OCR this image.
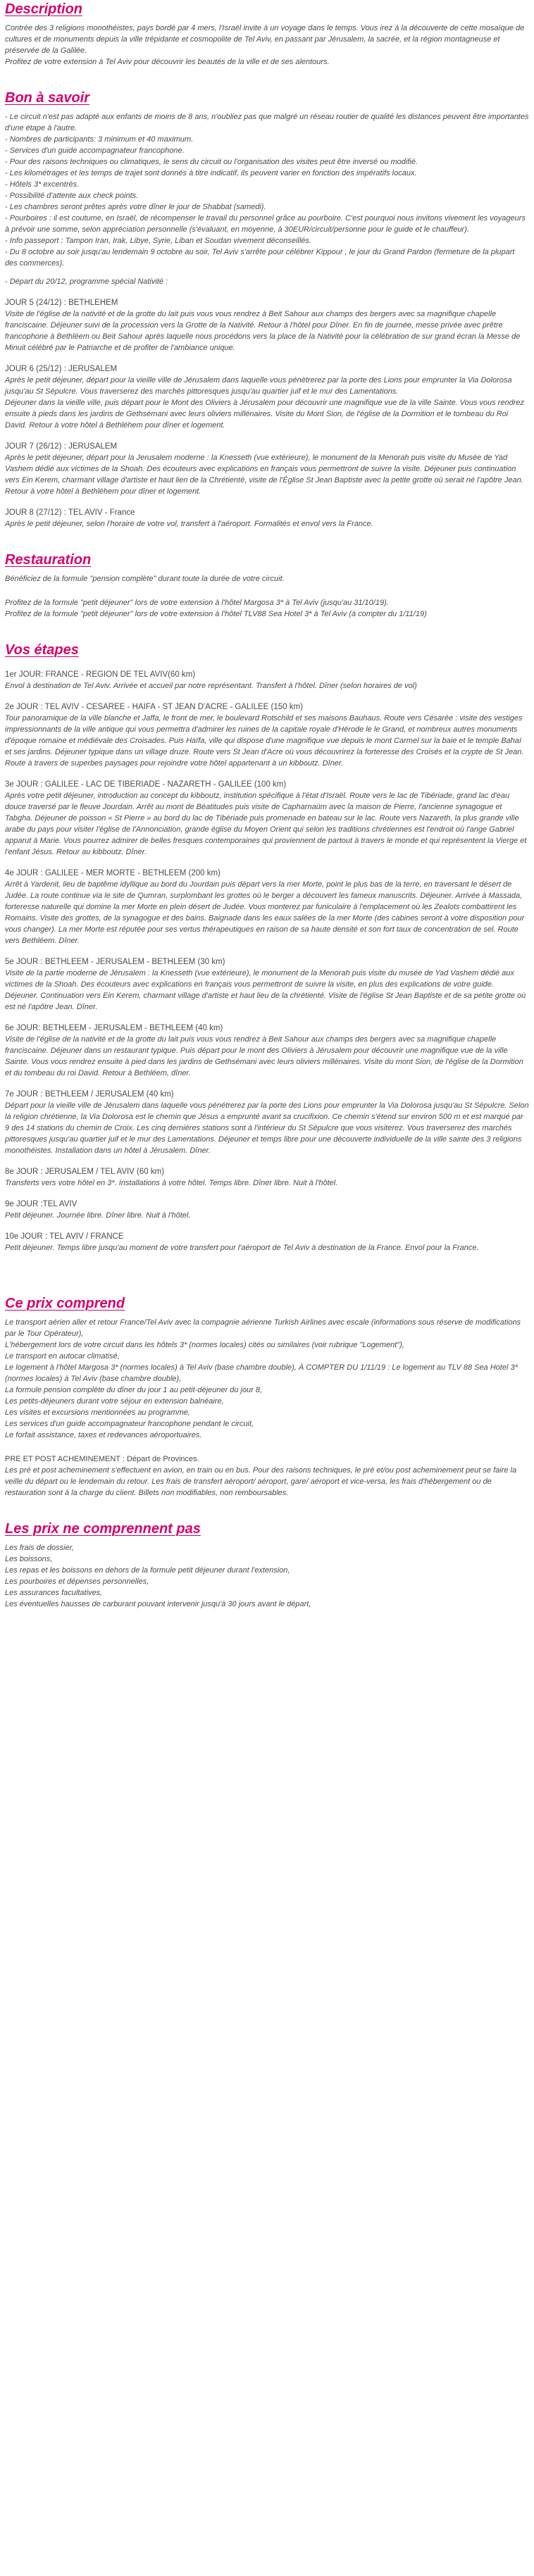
Description

Contrée des 3 religions monothéistes, pays bordé par 4 mers, l'Israël invite à un voyage dans le temps. Vous irez à la découverte de cette mosaïque de cultures et de monuments depuis la ville trépidante et cosmopolite de Tel Aviv, en passant par Jérusalem, la sacrée, et la région montagneuse et préservée de la Galilée.

Profitez de votre extension à Tel Aviv pour découvrir les beautés de la ville et de ses alentours.

Bon à savoir

- Le circuit n'est pas adapté aux enfants de moins de 8 ans, n'oubliez pas que malgré un réseau routier de qualité les distances peuvent être importantes d'une étape à l'autre.

- Nombres de participants: 3 minimum et 40 maximum.

- Services d'un guide accompagnateur francophone.

- Pour des raisons techniques ou climatiques, le sens du circuit ou l'organisation des visites peut être inversé ou modifié.

- Les kilométrages et les temps de trajet sont donnés à titre indicatif, ils peuvent varier en fonction des impératifs locaux.

- Hôtels 3* excentrés.

- Possibilité d'attente aux check points.

- Les chambres seront prêtes après votre dîner le jour de Shabbat (samedi).

- Pourboires : il est coutume, en Israël, de récompenser le travail du personnel grâce au pourboire. C'est pourquoi nous invitons vivement les voyageurs à prévoir une somme, selon appréciation personnelle (s'évaluant, en moyenne, à 30EUR/circuit/personne pour le guide et le chauffeur).

- Info passeport : Tampon Iran, Irak, Libye, Syrie, Liban et Soudan vivement déconseillés.

- Du 8 octobre au soir jusqu'au lendemain 9 octobre au soir, Tel Aviv s'arrête pour célébrer Kippour , le jour du Grand Pardon (fermeture de la plupart des commerces).

- Départ du 20/12, programme spécial Nativité :

JOUR 5 (24/12) : BETHLEHEM

Visite de l'église de la nativité et de la grotte du lait puis vous vous rendrez à Beit Sahour aux champs des bergers avec sa magnifique chapelle franciscaine. Déjeuner suivi de la procession vers la Grotte de la Nativité. Retour à l'hôtel pour Dîner. En fin de journée, messe privée avec prêtre francophone à Bethléem ou Beit Sahour après laquelle nous procédons vers la place de la Nativité pour la célébration de sur grand écran la Messe de Minuit célébré par le Patriarche et de profiter de l'ambiance unique.

JOUR 6 (25/12) : JERUSALEM

Après le petit déjeuner, départ pour la vieille ville de Jérusalem dans laquelle vous pénètrerez par la porte des Lions pour emprunter la Via Dolorosa jusqu'au St Sépulcre. Vous traverserez des marchés pittoresques jusqu'au quartier juif et le mur des Lamentations.
Déjeuner dans la vieille ville, puis départ pour le Mont des Oliviers à Jérusalem pour découvrir une magnifique vue de la ville Sainte. Vous vous rendrez ensuite à pieds dans les jardins de Gethsémani avec leurs oliviers millénaires. Visite du Mont Sion, de l'église de la Dormition et le tombeau du Roi David. Retour à votre hôtel à Bethléhem pour dîner et logement.

JOUR 7 (26/12) : JERUSALEM

Après le petit déjeuner, départ pour la Jerusalem moderne : la Knesseth (vue extérieure), le monument de la Menorah puis visite du Musée de Yad Vashem dédié aux victimes de la Shoah. Des écouteurs avec explications en français vous permettront de suivre la visite. Déjeuner puis continuation vers Ein Kerem, charmant village d'artiste et haut lien de la Chrétienté, visite de l'Église St Jean Baptiste avec la petite grotte où serait né l'apôtre Jean.
Retour à votre hôtel à Bethléhem pour dîner et logement.

JOUR 8 (27/12) : TEL AVIV - France

Après le petit déjeuner, selon l'horaire de votre vol, transfert à l'aéroport. Formalités et envol vers la France.

Restauration

Bénéficiez de la formule "pension complète" durant toute la durée de votre circuit.

Profitez de la formule "petit déjeuner" lors de votre extension à l'hôtel Margosa 3* à Tel Aviv (jusqu'au 31/10/19).

Profitez de la formule "petit déjeuner" lors de votre extension à l'hôtel TLV88 Sea Hotel 3* à Tel Aviv (à compter du 1/11/19)

Vos étapes

1er JOUR: FRANCE - REGION DE TEL AVIV(60 km)

Envol à destination de Tel Aviv. Arrivée et accueil par notre représentant. Transfert à l'hôtel. Dîner (selon horaires de vol)

2e JOUR : TEL AVIV - CESAREE - HAIFA - ST JEAN D'ACRE - GALILEE (150 km)

Tour panoramique de la ville blanche et Jaffa, le front de mer, le boulevard Rotschild et ses maisons Bauhaus. Route vers Césarée : visite des vestiges impressionnants de la ville antique qui vous permettra d'admirer les ruines de la capitale royale d'Hérode le le Grand, et nombreux autres monuments d'époque romaine et médiévale des Croisades. Puis Haïfa, ville qui dispose d'une magnifique vue depuis le mont Carmel sur la baie et le temple Bahaï et ses jardins. Déjeuner typique dans un village druze. Route vers St Jean d'Acre où vous découvrirez la forteresse des Croisés et la crypte de St Jean. Route à travers de superbes paysages pour rejoindre votre hôtel appartenant à un kibboutz. Dîner.

3e JOUR : GALILEE - LAC DE TIBERIADE - NAZARETH - GALILEE (100 km)

Après votre petit déjeuner, introduction au concept du kibboutz, institution spécifique à l'état d'Israël. Route vers le lac de Tibériade, grand lac d'eau douce traversé par le fleuve Jourdain. Arrêt au mont de Béatitudes puis visite de Capharnaüm avec la maison de Pierre, l'ancienne synagogue et Tabgha. Déjeuner de poisson « St Pierre » au bord du lac de Tibériade puis promenade en bateau sur le lac. Route vers Nazareth, la plus grande ville arabe du pays pour visiter l'église de l'Annonciation, grande église du Moyen Orient qui selon les traditions chrétiennes est l'endroit où l'ange Gabriel apparut à Marie. Vous pourrez admirer de belles fresques contemporaines qui proviennent de partout à travers le monde et qui représentent la Vierge et l'enfant Jésus. Retour au kibboutz. Dîner.

4e JOUR : GALILEE - MER MORTE - BETHLEEM (200 km)

Arrêt à Yardenit, lieu de baptême idyllique au bord du Jourdain puis départ vers la mer Morte, point le plus bas de la terre, en traversant le désert de Judée. La route continue via le site de Qumran, surplombant les grottes où le berger a découvert les fameux manuscrits. Déjeuner. Arrivée à Massada, forteresse naturelle qui domine la mer Morte en plein désert de Judée. Vous monterez par funiculaire à l'emplacement où les Zealots combattirent les Romains. Visite des grottes, de la synagogue et des bains. Baignade dans les eaux salées de la mer Morte (des cabines seront à votre disposition pour vous changer). La mer Morte est réputée pour ses vertus thérapeutiques en raison de sa haute densité et son fort taux de concentration de sel. Route vers Bethléem. Dîner.

5e JOUR : BETHLEEM - JERUSALEM - BETHLEEM (30 km)

Visite de la partie moderne de Jérusalem : la Knesseth (vue extérieure), le monument de la Menorah puis visite du musée de Yad Vashem dédié aux victimes de la Shoah. Des écouteurs avec explications en français vous permettront de suivre la visite, en plus des explications de votre guide. Déjeuner. Continuation vers Ein Kerem, charmant village d'artiste et haut lieu de la chrétienté. Visite de l'église St Jean Baptiste et de sa petite grotte où est né l'apôtre Jean. Dîner.

6e JOUR: BETHLEEM - JERUSALEM - BETHLEEM (40 km)

Visite de l'église de la nativité et de la grotte du lait puis vous vous rendrez à Beit Sahour aux champs des bergers avec sa magnifique chapelle franciscaine. Déjeuner dans un restaurant typique. Puis départ pour le mont des Oliviers à Jérusalem pour découvrir une magnifique vue de la ville Sainte. Vous vous rendrez ensuite à pied dans les jardins de Gethsémani avec leurs oliviers millénaires. Visite du mont Sion, de l'église de la Dormition et du tombeau du roi David. Retour à Bethléem, dîner.

7e JOUR : BETHLEEM / JERUSALEM (40 km)

Départ pour la vieille ville de Jérusalem dans laquelle vous pénétrerez par la porte des Lions pour emprunter la Via Dolorosa jusqu'au St Sépulcre. Selon la religion chrétienne, la Via Dolorosa est le chemin que Jésus a emprunté avant sa crucifixion. Ce chemin s'étend sur environ 500 m et est marqué par 9 des 14 stations du chemin de Croix. Les cinq dernières stations sont à l'intérieur du St Sépulcre que vous visiterez. Vous traverserez des marchés pittoresques jusqu'au quartier juif et le mur des Lamentations. Déjeuner et temps libre pour une découverte individuelle de la ville sainte des 3 religions monothéistes. Installation dans un hôtel à Jérusalem. Dîner.

8e JOUR : JERUSALEM / TEL AVIV (60 km)

Transferts vers votre hôtel en 3*. Installations à votre hôtel. Temps libre. Dîner libre. Nuit à l'hôtel.

9e JOUR :TEL AVIV

Petit déjeuner. Journée libre. Dîner libre. Nuit à l'hôtel.

10e JOUR : TEL AVIV / FRANCE

Petit déjeuner. Temps libre jusqu'au moment de votre transfert pour l'aéroport de Tel Aviv à destination de la France. Envol pour la France.

Ce prix comprend

Le transport aérien aller et retour France/Tel Aviv avec la compagnie aérienne Turkish Airlines avec escale (informations sous réserve de modifications par le Tour Opérateur),

L'hébergement lors de votre circuit dans les hôtels 3* (normes locales) cités ou similaires (voir rubrique "Logement"),

Le transport en autocar climatisé,

Le logement à l'hôtel Margosa 3* (normes locales) à Tel Aviv (base chambre double), À COMPTER DU 1/11/19 : Le logement au TLV 88 Sea Hotel 3* (normes locales) à Tel Aviv (base chambre double),

La formule pension complète du dîner du jour 1 au petit-déjeuner du jour 8,

Les petits-déjeuners durant votre séjour en extension balnéaire,

Les visites et excursions mentionnées au programme,

Les services d'un guide accompagnateur francophone pendant le circuit,

Le forfait assistance, taxes et redevances aéroportuaires.

PRE ET POST ACHEMINEMENT : Départ de Provinces.

Les pré et post acheminement s'effectuent en avion, en train ou en bus. Pour des raisons techniques, le pré et/ou post acheminement peut se faire la veille du départ ou le lendemain du retour. Les frais de transfert aéroport/ aéroport, gare/ aéroport et vice-versa, les frais d'hébergement ou de restauration sont à la charge du client. Billets non modifiables, non remboursables.

Les prix ne comprennent pas

Les frais de dossier,

Les boissons,

Les repas et les boissons en dehors de la formule petit déjeuner durant l'extension,

Les pourboires et dépenses personnelles,

Les assurances facultatives,

Les éventuelles hausses de carburant pouvant intervenir jusqu'à 30 jours avant le départ,
